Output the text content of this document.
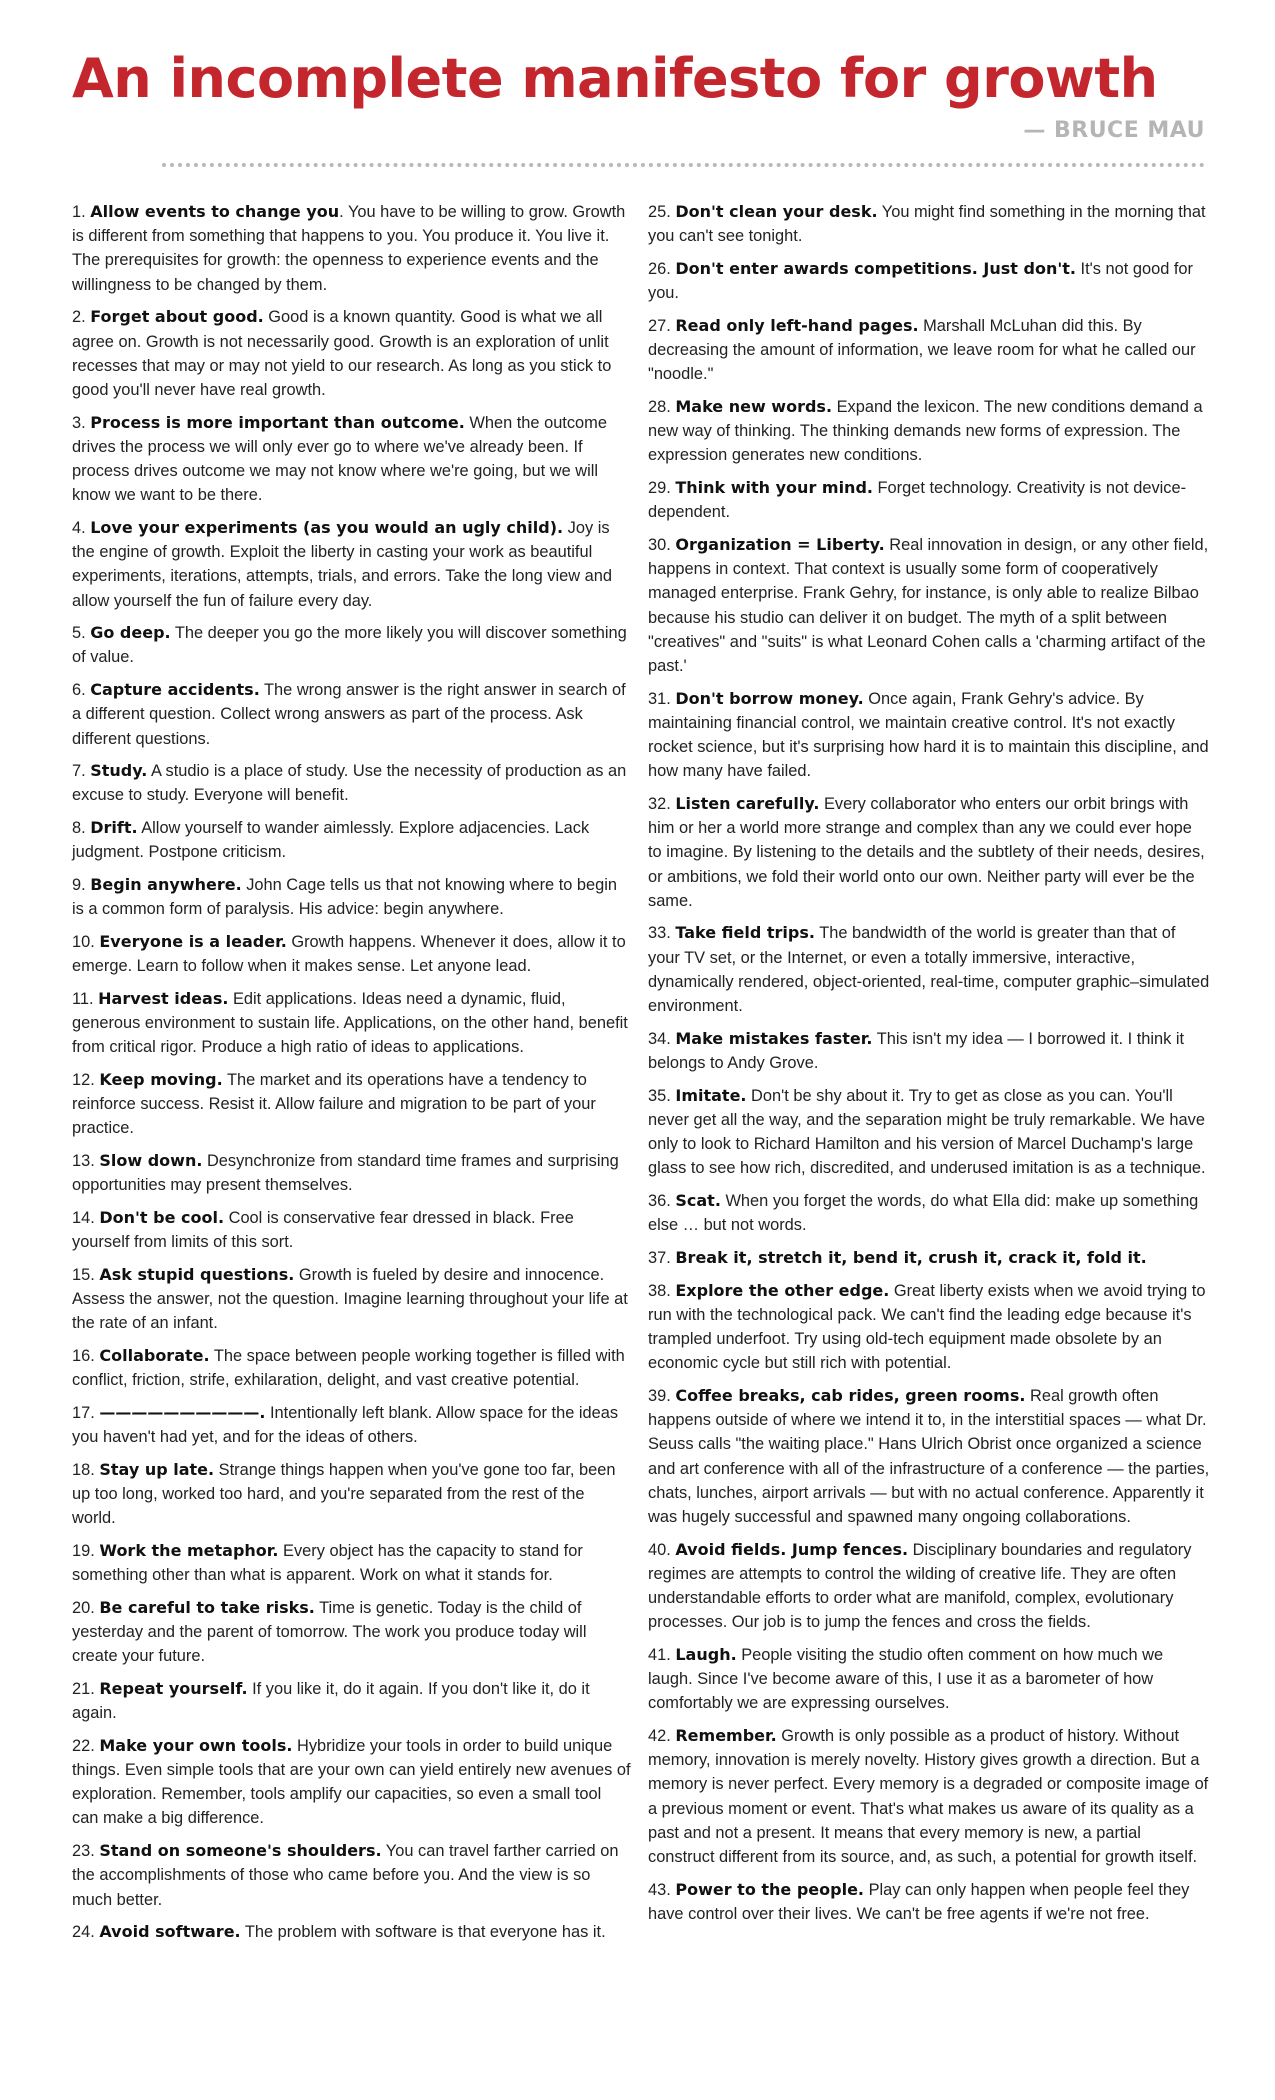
An incomplete manifesto for growth
— BRUCE MAU

1. Allow events to change you. You have to be willing to grow. Growth is different from something that happens to you. You produce it. You live it. The prerequisites for growth: the openness to experience events and the willingness to be changed by them.

2. Forget about good. Good is a known quantity. Good is what we all agree on. Growth is not necessarily good. Growth is an exploration of unlit recesses that may or may not yield to our research. As long as you stick to good you'll never have real growth.

3. Process is more important than outcome. When the outcome drives the process we will only ever go to where we've already been. If process drives outcome we may not know where we're going, but we will know we want to be there.

4. Love your experiments (as you would an ugly child). Joy is the engine of growth. Exploit the liberty in casting your work as beautiful experiments, iterations, attempts, trials, and errors. Take the long view and allow yourself the fun of failure every day.

5. Go deep. The deeper you go the more likely you will discover something of value.

6. Capture accidents. The wrong answer is the right answer in search of a different question. Collect wrong answers as part of the process. Ask different questions.

7. Study. A studio is a place of study. Use the necessity of production as an excuse to study. Everyone will benefit.

8. Drift. Allow yourself to wander aimlessly. Explore adjacencies. Lack judgment. Postpone criticism.

9. Begin anywhere. John Cage tells us that not knowing where to begin is a common form of paralysis. His advice: begin anywhere.

10. Everyone is a leader. Growth happens. Whenever it does, allow it to emerge. Learn to follow when it makes sense. Let anyone lead.

11. Harvest ideas. Edit applications. Ideas need a dynamic, fluid, generous environment to sustain life. Applications, on the other hand, benefit from critical rigor. Produce a high ratio of ideas to applications.

12. Keep moving. The market and its operations have a tendency to reinforce success. Resist it. Allow failure and migration to be part of your practice.

13. Slow down. Desynchronize from standard time frames and surprising opportunities may present themselves.

14. Don't be cool. Cool is conservative fear dressed in black. Free yourself from limits of this sort.

15. Ask stupid questions. Growth is fueled by desire and innocence. Assess the answer, not the question. Imagine learning throughout your life at the rate of an infant.

16. Collaborate. The space between people working together is filled with conflict, friction, strife, exhilaration, delight, and vast creative potential.

17. ——————————. Intentionally left blank. Allow space for the ideas you haven't had yet, and for the ideas of others.

18. Stay up late. Strange things happen when you've gone too far, been up too long, worked too hard, and you're separated from the rest of the world.

19. Work the metaphor. Every object has the capacity to stand for something other than what is apparent. Work on what it stands for.

20. Be careful to take risks. Time is genetic. Today is the child of yesterday and the parent of tomorrow. The work you produce today will create your future.

21. Repeat yourself. If you like it, do it again. If you don't like it, do it again.

22. Make your own tools. Hybridize your tools in order to build unique things. Even simple tools that are your own can yield entirely new avenues of exploration. Remember, tools amplify our capacities, so even a small tool can make a big difference.

23. Stand on someone's shoulders. You can travel farther carried on the accomplishments of those who came before you. And the view is so much better.

24. Avoid software. The problem with software is that everyone has it.

25. Don't clean your desk. You might find something in the morning that you can't see tonight.

26. Don't enter awards competitions. Just don't. It's not good for you.

27. Read only left-hand pages. Marshall McLuhan did this. By decreasing the amount of information, we leave room for what he called our "noodle."

28. Make new words. Expand the lexicon. The new conditions demand a new way of thinking. The thinking demands new forms of expression. The expression generates new conditions.

29. Think with your mind. Forget technology. Creativity is not device-dependent.

30. Organization = Liberty. Real innovation in design, or any other field, happens in context. That context is usually some form of cooperatively managed enterprise. Frank Gehry, for instance, is only able to realize Bilbao because his studio can deliver it on budget. The myth of a split between "creatives" and "suits" is what Leonard Cohen calls a 'charming artifact of the past.'

31. Don't borrow money. Once again, Frank Gehry's advice. By maintaining financial control, we maintain creative control. It's not exactly rocket science, but it's surprising how hard it is to maintain this discipline, and how many have failed.

32. Listen carefully. Every collaborator who enters our orbit brings with him or her a world more strange and complex than any we could ever hope to imagine. By listening to the details and the subtlety of their needs, desires, or ambitions, we fold their world onto our own. Neither party will ever be the same.

33. Take field trips. The bandwidth of the world is greater than that of your TV set, or the Internet, or even a totally immersive, interactive, dynamically rendered, object-oriented, real-time, computer graphic–simulated environment.

34. Make mistakes faster. This isn't my idea — I borrowed it. I think it belongs to Andy Grove.

35. Imitate. Don't be shy about it. Try to get as close as you can. You'll never get all the way, and the separation might be truly remarkable. We have only to look to Richard Hamilton and his version of Marcel Duchamp's large glass to see how rich, discredited, and underused imitation is as a technique.

36. Scat. When you forget the words, do what Ella did: make up something else … but not words.

37. Break it, stretch it, bend it, crush it, crack it, fold it.

38. Explore the other edge. Great liberty exists when we avoid trying to run with the technological pack. We can't find the leading edge because it's trampled underfoot. Try using old-tech equipment made obsolete by an economic cycle but still rich with potential.

39. Coffee breaks, cab rides, green rooms. Real growth often happens outside of where we intend it to, in the interstitial spaces — what Dr. Seuss calls "the waiting place." Hans Ulrich Obrist once organized a science and art conference with all of the infrastructure of a conference — the parties, chats, lunches, airport arrivals — but with no actual conference. Apparently it was hugely successful and spawned many ongoing collaborations.

40. Avoid fields. Jump fences. Disciplinary boundaries and regulatory regimes are attempts to control the wilding of creative life. They are often understandable efforts to order what are manifold, complex, evolutionary processes. Our job is to jump the fences and cross the fields.

41. Laugh. People visiting the studio often comment on how much we laugh. Since I've become aware of this, I use it as a barometer of how comfortably we are expressing ourselves.

42. Remember. Growth is only possible as a product of history. Without memory, innovation is merely novelty. History gives growth a direction. But a memory is never perfect. Every memory is a degraded or composite image of a previous moment or event. That's what makes us aware of its quality as a past and not a present. It means that every memory is new, a partial construct different from its source, and, as such, a potential for growth itself.

43. Power to the people. Play can only happen when people feel they have control over their lives. We can't be free agents if we're not free.
